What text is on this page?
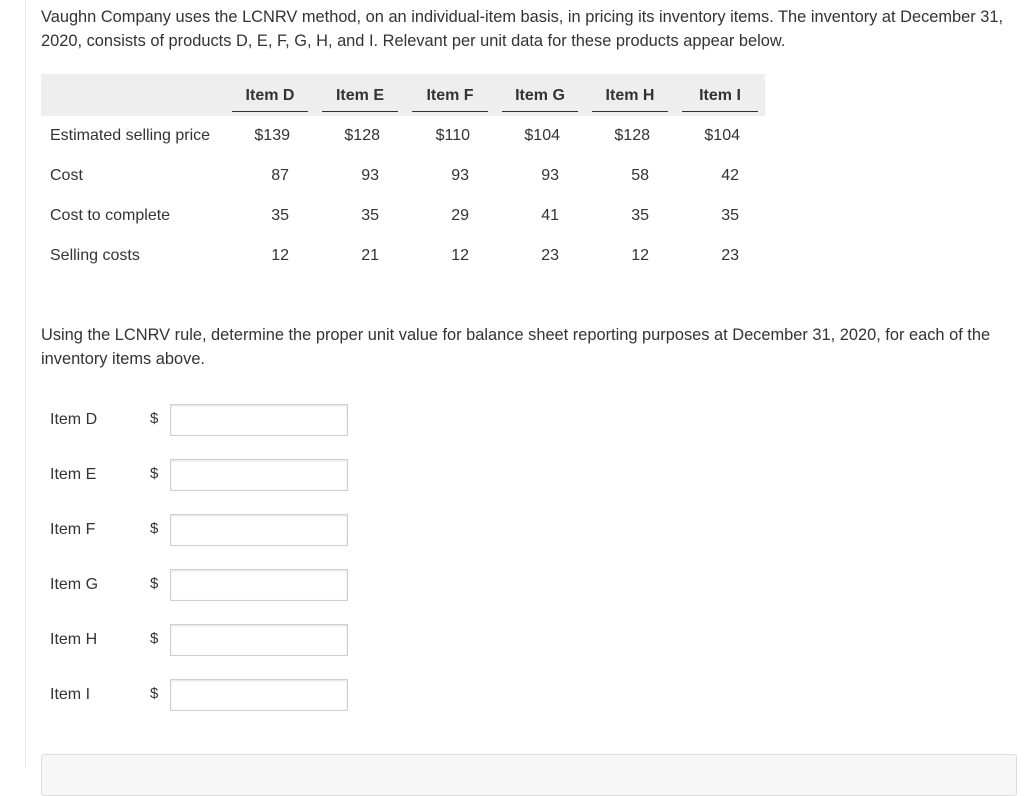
Vaughn Company uses the LCNRV method, on an individual-item basis, in pricing its inventory items. The inventory at December 31, 2020, consists of products D, E, F, G, H, and I. Relevant per unit data for these products appear below.

	Item D	Item E	Item F	Item G	Item H	Item I
Estimated selling price	$139	$128	$110	$104	$128	$104
Cost	87	93	93	93	58	42
Cost to complete	35	35	29	41	35	35
Selling costs	12	21	12	23	12	23

Using the LCNRV rule, determine the proper unit value for balance sheet reporting purposes at December 31, 2020, for each of the inventory items above.

Item D	$
Item E	$
Item F	$
Item G	$
Item H	$
Item I	$
